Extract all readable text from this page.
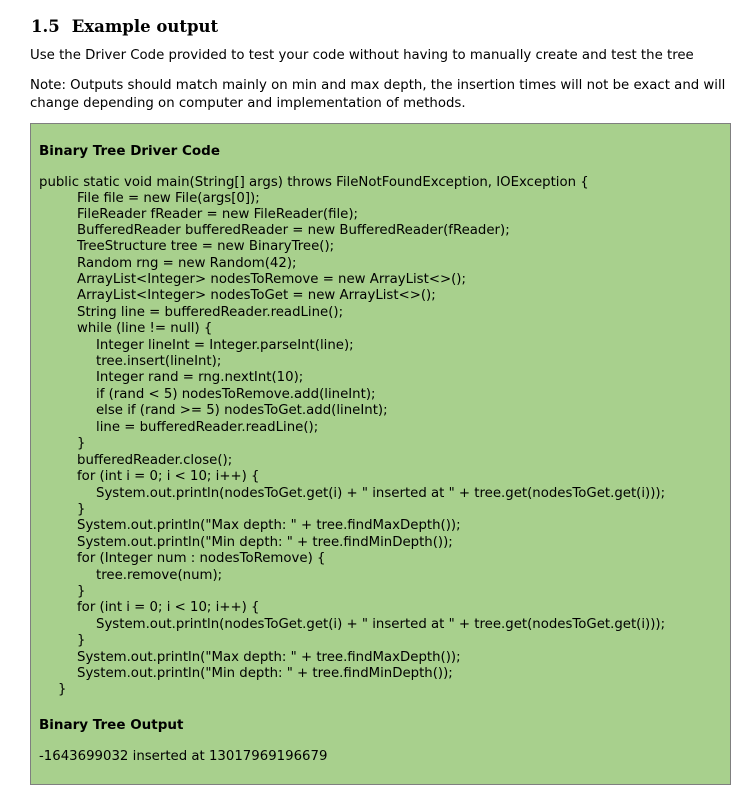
1.5 Example output
Use the Driver Code provided to test your code without having to manually create and test the tree
Note: Outputs should match mainly on min and max depth, the insertion times will not be exact and will change depending on computer and implementation of methods.
Binary Tree Driver Code
public static void main(String[] args) throws FileNotFoundException, IOException {
File file = new File(args[0]);
FileReader fReader = new FileReader(file);
BufferedReader bufferedReader = new BufferedReader(fReader);
TreeStructure tree = new BinaryTree();
Random rng = new Random(42);
ArrayList<Integer> nodesToRemove = new ArrayList<>();
ArrayList<Integer> nodesToGet = new ArrayList<>();
String line = bufferedReader.readLine();
while (line != null) {
Integer lineInt = Integer.parseInt(line);
tree.insert(lineInt);
Integer rand = rng.nextInt(10);
if (rand < 5) nodesToRemove.add(lineInt);
else if (rand >= 5) nodesToGet.add(lineInt);
line = bufferedReader.readLine();
}
bufferedReader.close();
for (int i = 0; i < 10; i++) {
System.out.println(nodesToGet.get(i) + " inserted at " + tree.get(nodesToGet.get(i)));
}
System.out.println("Max depth: " + tree.findMaxDepth());
System.out.println("Min depth: " + tree.findMinDepth());
for (Integer num : nodesToRemove) {
tree.remove(num);
}
for (int i = 0; i < 10; i++) {
System.out.println(nodesToGet.get(i) + " inserted at " + tree.get(nodesToGet.get(i)));
}
System.out.println("Max depth: " + tree.findMaxDepth());
System.out.println("Min depth: " + tree.findMinDepth());
}
Binary Tree Output
-1643699032 inserted at 13017969196679
